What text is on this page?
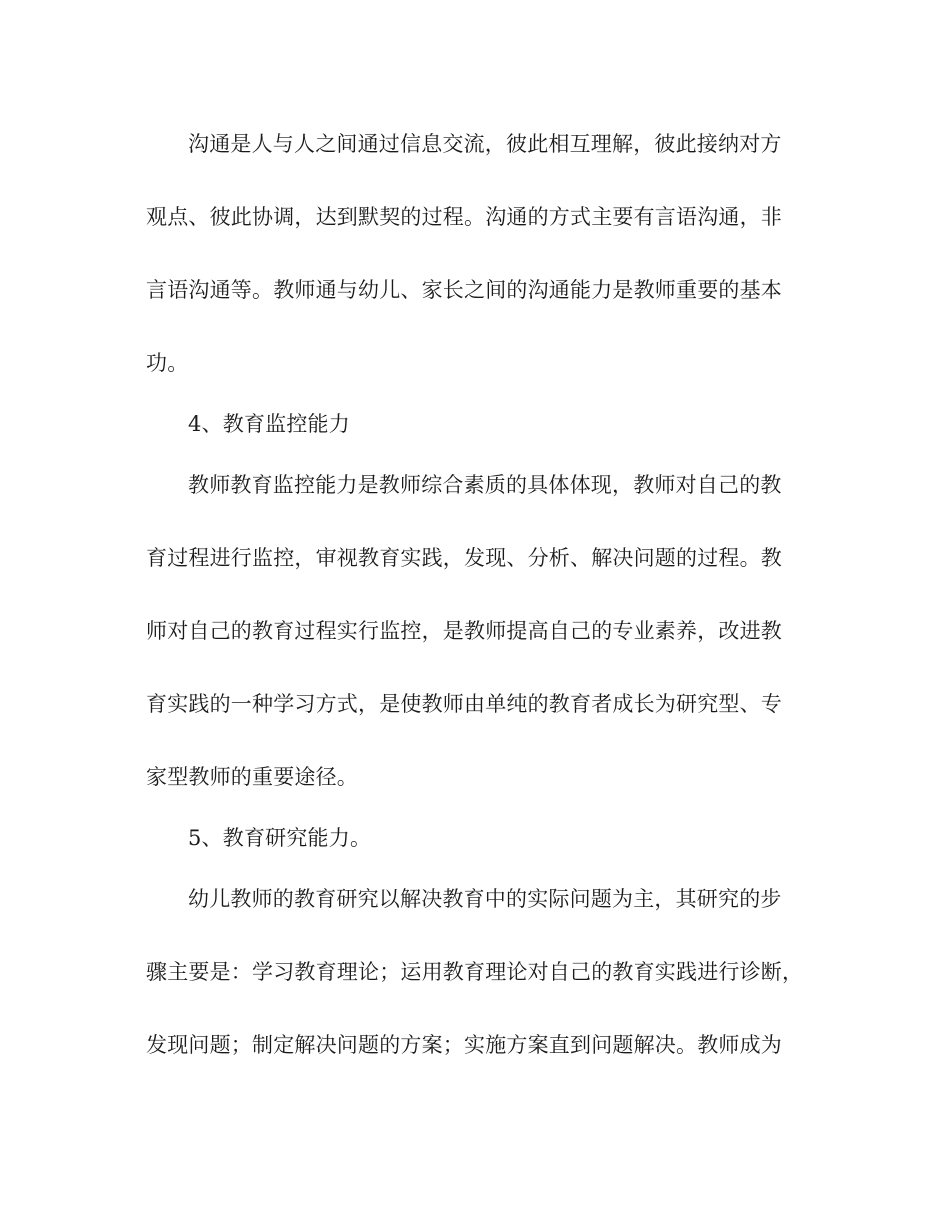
沟通是人与人之间通过信息交流，彼此相互理解，彼此接纳对方
观点、彼此协调，达到默契的过程。沟通的方式主要有言语沟通，非
言语沟通等。教师通与幼儿、家长之间的沟通能力是教师重要的基本
功。
4、教育监控能力
教师教育监控能力是教师综合素质的具体体现，教师对自己的教
育过程进行监控，审视教育实践，发现、分析、解决问题的过程。教
师对自己的教育过程实行监控，是教师提高自己的专业素养，改进教
育实践的一种学习方式，是使教师由单纯的教育者成长为研究型、专
家型教师的重要途径。
5、教育研究能力。
幼儿教师的教育研究以解决教育中的实际问题为主，其研究的步
骤主要是：学习教育理论；运用教育理论对自己的教育实践进行诊断，
发现问题；制定解决问题的方案；实施方案直到问题解决。教师成为
